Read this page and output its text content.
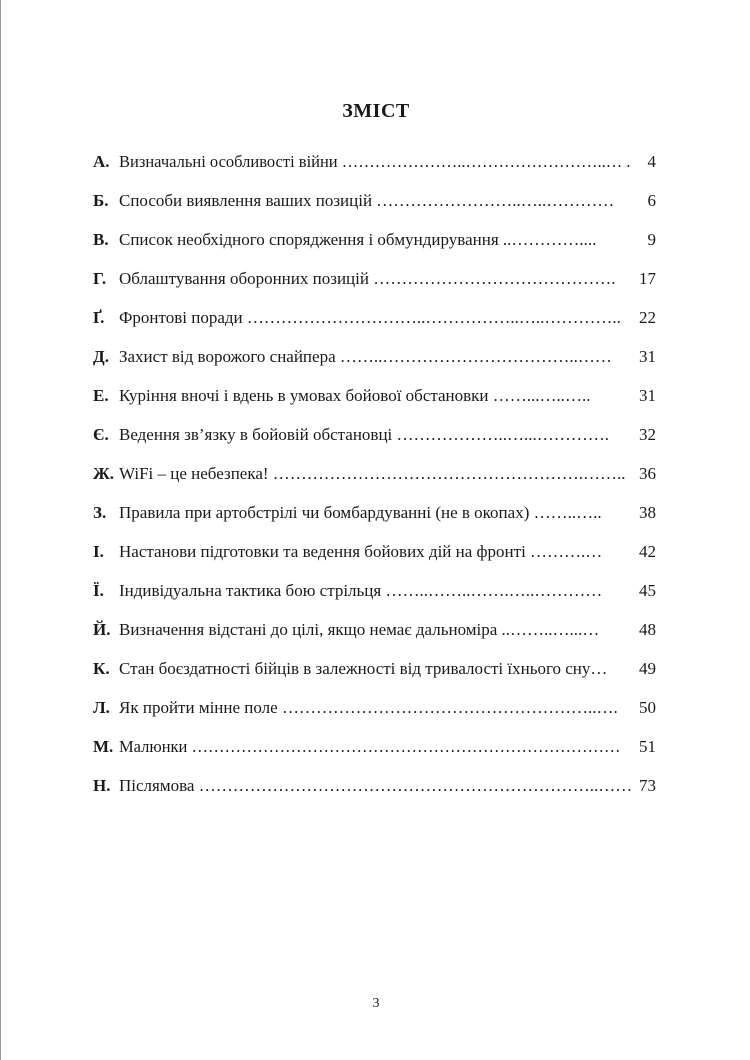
ЗМІСТ
А. Визначальні особливості війни …………………..……………………..… . 4
Б. Способи виявлення ваших позицій ……………………..…..………… 6
В. Список необхідного спорядження і обмундирування ..…………....	9
Г. Облаштування оборонних позицій ……………………………………. 17
Ґ. Фронтові поради …………………………..……………..…..………….. 22
Д. Захист від ворожого снайпера ……..……………………………..…… 31
Е. Куріння вночі і вдень в умовах бойової обстановки ……...…..…..	31
Є. Ведення зв’язку в бойовій обстановці ………………..…...…………. 32
Ж. WiFi – це небезпека! ……………………………………………….…….. 36
З. Правила при артобстрілі чи бомбардуванні (не в окопах) ……..….. 38
І. Настанови підготовки та ведення бойових дій на фронті ……….… 42
Ї. Індивідуальна тактика бою стрільця ……..……..…….…..………… 45
Й. Визначення відстані до цілі, якщо немає дальноміра ..……..…...… 48
К. Стан боєздатності бійців в залежності від тривалості їхнього сну… 49
Л. Як пройти мінне поле ………………………………………………..…. 50
М. Малюнки …………………………………………………………………… 51
Н. Післямова ……………………………………………………………..…… 73
3
